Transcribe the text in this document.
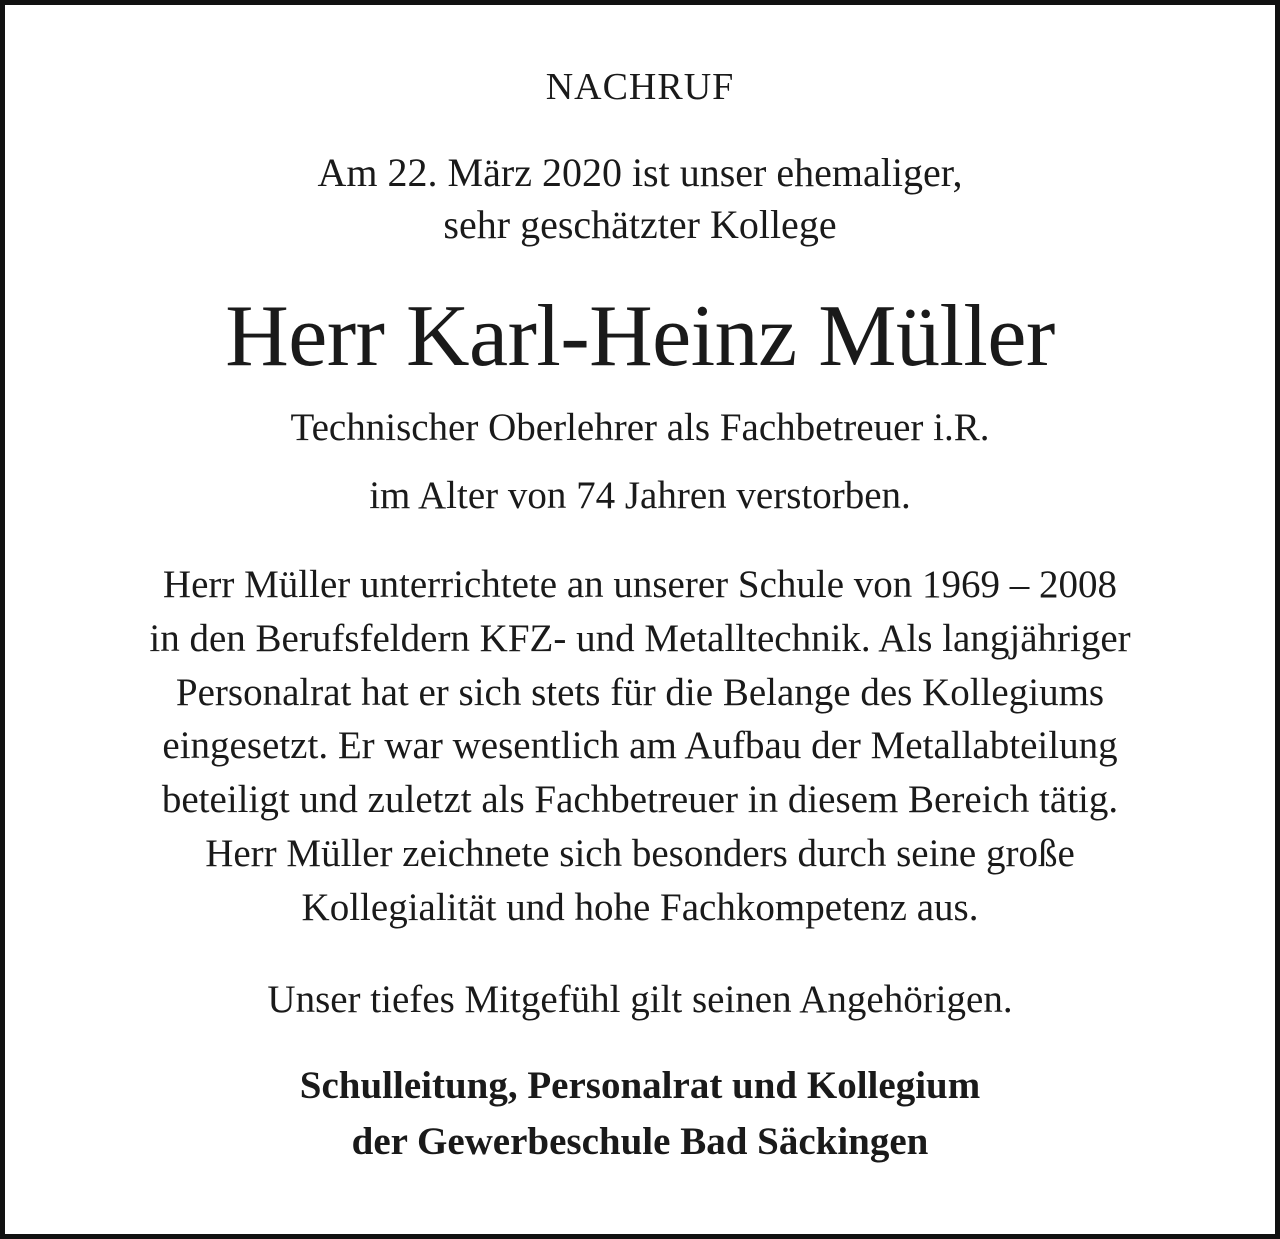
NACHRUF
Am 22. März 2020 ist unser ehemaliger,
sehr geschätzter Kollege
Herr Karl-Heinz Müller
Technischer Oberlehrer als Fachbetreuer i.R.
im Alter von 74 Jahren verstorben.
Herr Müller unterrichtete an unserer Schule von 1969 – 2008
in den Berufsfeldern KFZ- und Metalltechnik. Als langjähriger
Personalrat hat er sich stets für die Belange des Kollegiums
eingesetzt. Er war wesentlich am Aufbau der Metallabteilung
beteiligt und zuletzt als Fachbetreuer in diesem Bereich tätig.
Herr Müller zeichnete sich besonders durch seine große
Kollegialität und hohe Fachkompetenz aus.
Unser tiefes Mitgefühl gilt seinen Angehörigen.
Schulleitung, Personalrat und Kollegium
der Gewerbeschule Bad Säckingen
